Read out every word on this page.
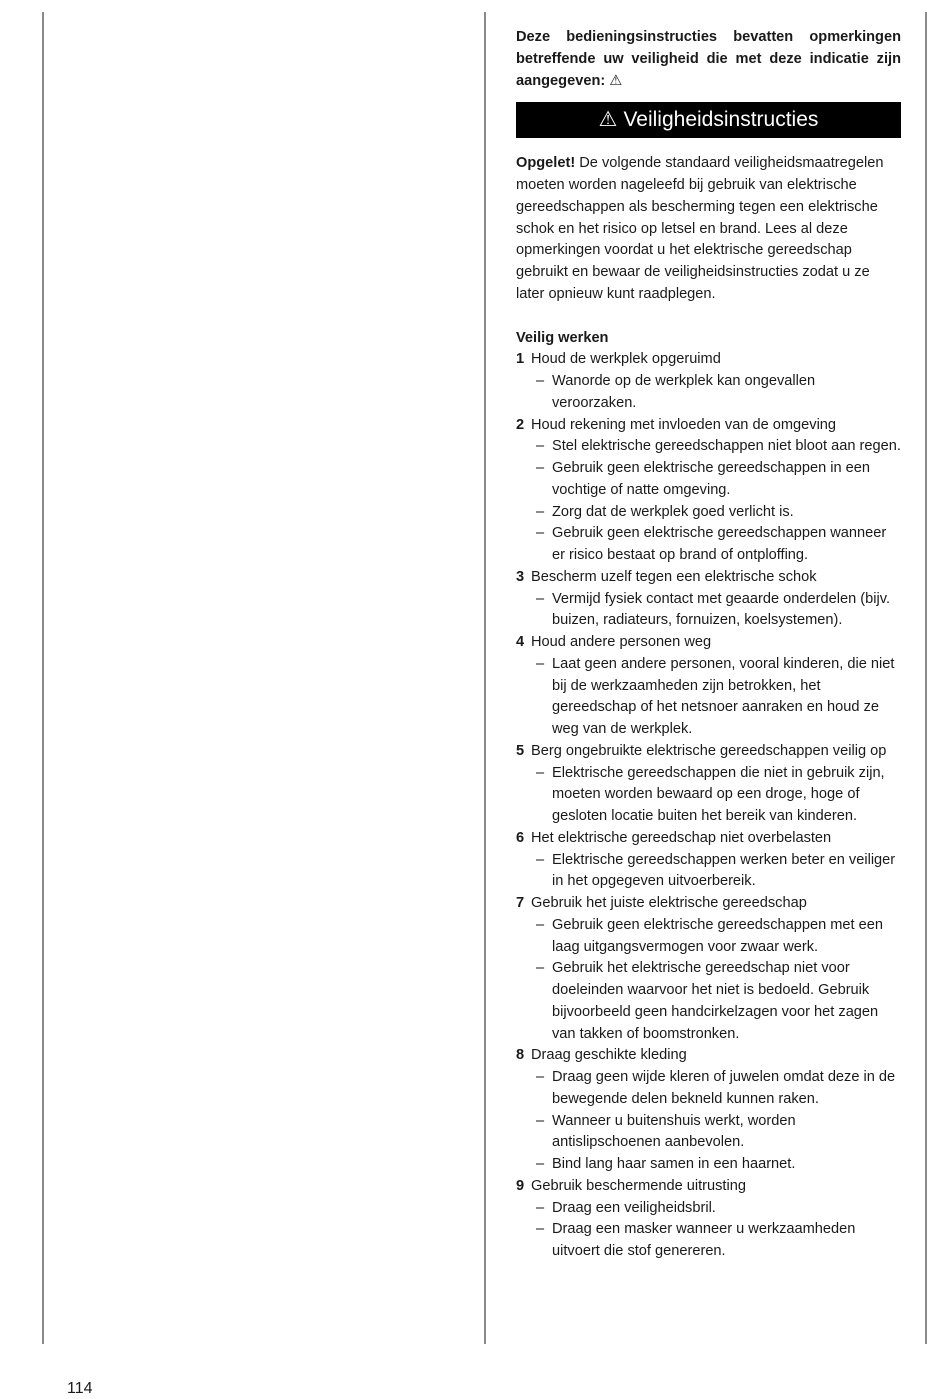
Deze bedieningsinstructies bevatten opmerkingen betreffende uw veiligheid die met deze indicatie zijn aangegeven: ⚠

⚠ Veiligheidsinstructies

Opgelet! De volgende standaard veiligheidsmaatregelen moeten worden nageleefd bij gebruik van elektrische gereedschappen als bescherming tegen een elektrische schok en het risico op letsel en brand. Lees al deze opmerkingen voordat u het elektrische gereedschap gebruikt en bewaar de veiligheidsinstructies zodat u ze later opnieuw kunt raadplegen.

Veilig werken
1 Houd de werkplek opgeruimd
– Wanorde op de werkplek kan ongevallen veroorzaken.
2 Houd rekening met invloeden van de omgeving
– Stel elektrische gereedschappen niet bloot aan regen.
– Gebruik geen elektrische gereedschappen in een vochtige of natte omgeving.
– Zorg dat de werkplek goed verlicht is.
– Gebruik geen elektrische gereedschappen wanneer er risico bestaat op brand of ontploffing.
3 Bescherm uzelf tegen een elektrische schok
– Vermijd fysiek contact met geaarde onderdelen (bijv. buizen, radiateurs, fornuizen, koelsystemen).
4 Houd andere personen weg
– Laat geen andere personen, vooral kinderen, die niet bij de werkzaamheden zijn betrokken, het gereedschap of het netsnoer aanraken en houd ze weg van de werkplek.
5 Berg ongebruikte elektrische gereedschappen veilig op
– Elektrische gereedschappen die niet in gebruik zijn, moeten worden bewaard op een droge, hoge of gesloten locatie buiten het bereik van kinderen.
6 Het elektrische gereedschap niet overbelasten
– Elektrische gereedschappen werken beter en veiliger in het opgegeven uitvoerbereik.
7 Gebruik het juiste elektrische gereedschap
– Gebruik geen elektrische gereedschappen met een laag uitgangsvermogen voor zwaar werk.
– Gebruik het elektrische gereedschap niet voor doeleinden waarvoor het niet is bedoeld. Gebruik bijvoorbeeld geen handcirkelzagen voor het zagen van takken of boomstronken.
8 Draag geschikte kleding
– Draag geen wijde kleren of juwelen omdat deze in de bewegende delen bekneld kunnen raken.
– Wanneer u buitenshuis werkt, worden antislipschoenen aanbevolen.
– Bind lang haar samen in een haarnet.
9 Gebruik beschermende uitrusting
– Draag een veiligheidsbril.
– Draag een masker wanneer u werkzaamheden uitvoert die stof genereren.
114
